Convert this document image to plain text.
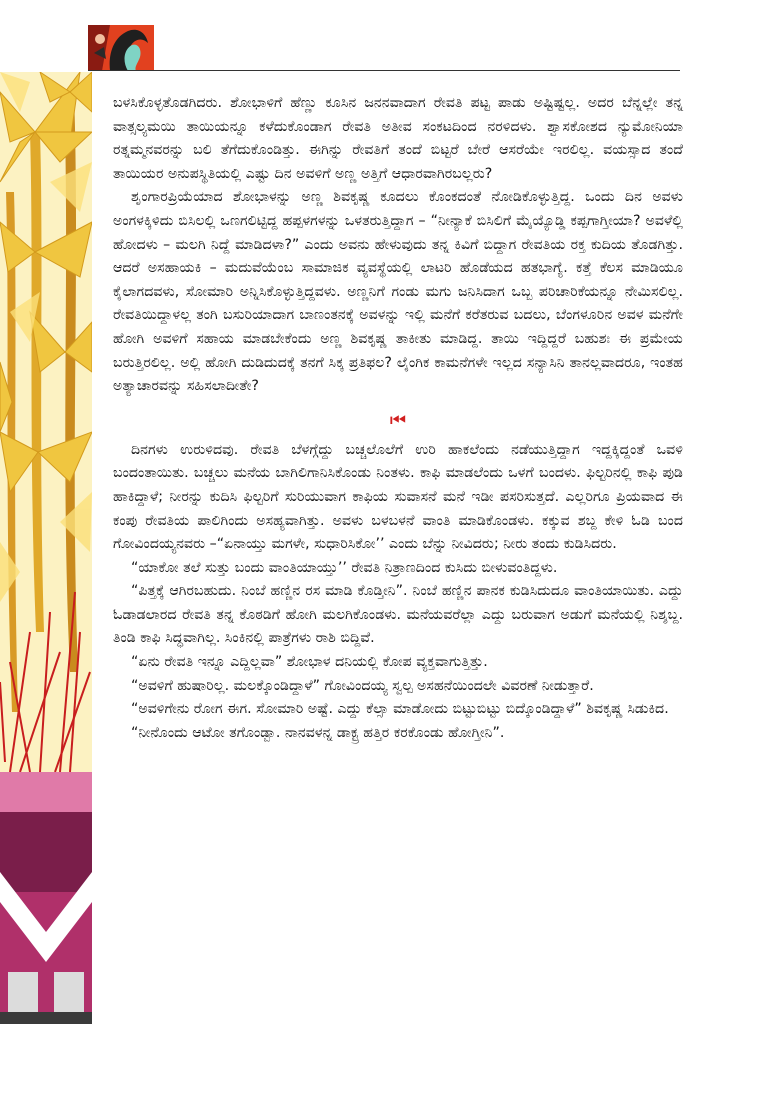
ಬಳಸಿಕೊಳ್ಳತೊಡಗಿದರು. ಶೋಭಾಳಿಗೆ ಹೆಣ್ಣು ಕೂಸಿನ ಜನನವಾದಾಗ ರೇವತಿ ಪಟ್ಟ ಪಾಡು ಅಷ್ಟಿಷ್ಟಲ್ಲ. ಅದರ ಬೆನ್ನಲ್ಲೇ ತನ್ನ ವಾತ್ಸಲ್ಯಮಯಿ ತಾಯಿಯನ್ನೂ ಕಳೆದುಕೊಂಡಾಗ ರೇವತಿ ಅತೀವ ಸಂಕಟದಿಂದ ನರಳಿದಳು. ಶ್ವಾಸಕೋಶದ ನ್ಯುಮೋನಿಯಾ ರತ್ನಮ್ಮನವರನ್ನು ಬಲಿ ತೆಗೆದುಕೊಂಡಿತ್ತು. ಈಗಿನ್ನು ರೇವತಿಗೆ ತಂದೆ ಬಿಟ್ಟರೆ ಬೇರೆ ಆಸರೆಯೇ ಇರಲಿಲ್ಲ. ವಯಸ್ಸಾದ ತಂದೆ ತಾಯಿಯರ ಅನುಪಸ್ಥಿತಿಯಲ್ಲಿ ಎಷ್ಟು ದಿನ ಅವಳಿಗೆ ಅಣ್ಣ ಅತ್ತಿಗೆ ಆಧಾರವಾಗಿರಬಲ್ಲರು?

ಶೃಂಗಾರಪ್ರಿಯೆಯಾದ ಶೋಭಾಳನ್ನು ಅಣ್ಣ ಶಿವಕೃಷ್ಣ ಕೂದಲು ಕೊಂಕದಂತೆ ನೋಡಿಕೊಳ್ಳುತ್ತಿದ್ದ. ಒಂದು ದಿನ ಅವಳು ಅಂಗಳಕ್ಕಿಳಿದು ಬಿಸಿಲಲ್ಲಿ ಒಣಗಲಿಟ್ಟಿದ್ದ ಹಪ್ಪಳಗಳನ್ನು ಒಳತರುತ್ತಿದ್ದಾಗ – “ನೀನ್ಯಾಕೆ ಬಿಸಿಲಿಗೆ ಮೈಯ್ಯೊಡ್ಡಿ ಕಪ್ಪಗಾಗ್ತೀಯಾ? ಅವಳೆಲ್ಲಿ ಹೋದಳು – ಮಲಗಿ ನಿದ್ದೆ ಮಾಡಿದಳಾ?” ಎಂದು ಅವನು ಹೇಳುವುದು ತನ್ನ ಕಿವಿಗೆ ಬಿದ್ದಾಗ ರೇವತಿಯ ರಕ್ತ ಕುದಿಯ ತೊಡಗಿತ್ತು. ಆದರೆ ಅಸಹಾಯಕಿ – ಮದುವೆಯೆಂಬ ಸಾಮಾಜಿಕ ವ್ಯವಸ್ಥೆಯಲ್ಲಿ ಲಾಟರಿ ಹೊಡೆಯದ ಹತಭಾಗ್ಯೆ. ಕತ್ತೆ ಕೆಲಸ ಮಾಡಿಯೂ ಕೈಲಾಗದವಳು, ಸೋಮಾರಿ ಅನ್ನಿಸಿಕೊಳ್ಳುತ್ತಿದ್ದವಳು. ಅಣ್ಣನಿಗೆ ಗಂಡು ಮಗು ಜನಿಸಿದಾಗ ಒಬ್ಬ ಪರಿಚಾರಿಕೆಯನ್ನೂ ನೇಮಿಸಲಿಲ್ಲ. ರೇವತಿಯಿದ್ದಾಳಲ್ಲ ತಂಗಿ ಬಸುರಿಯಾದಾಗ ಬಾಣಂತನಕ್ಕೆ ಅವಳನ್ನು ಇಲ್ಲಿ ಮನೆಗೆ ಕರೆತರುವ ಬದಲು, ಬೆಂಗಳೂರಿನ ಅವಳ ಮನೆಗೇ ಹೋಗಿ ಅವಳಿಗೆ ಸಹಾಯ ಮಾಡಬೇಕೆಂದು ಅಣ್ಣ ಶಿವಕೃಷ್ಣ ತಾಕೀತು ಮಾಡಿದ್ದ. ತಾಯಿ ಇದ್ದಿದ್ದರೆ ಬಹುಶಃ ಈ ಪ್ರಮೇಯ ಬರುತ್ತಿರಲಿಲ್ಲ. ಅಲ್ಲಿ ಹೋಗಿ ದುಡಿದುದಕ್ಕೆ ತನಗೆ ಸಿಕ್ಕ ಪ್ರತಿಫಲ? ಲೈಂಗಿಕ ಕಾಮನೆಗಳೇ ಇಲ್ಲದ ಸನ್ಯಾಸಿನಿ ತಾನಲ್ಲವಾದರೂ, ಇಂತಹ ಅತ್ಯಾಚಾರವನ್ನು ಸಹಿಸಲಾದೀತೇ?

⏮

ದಿನಗಳು ಉರುಳಿದವು. ರೇವತಿ ಬೆಳಗ್ಗೆದ್ದು ಬಚ್ಚಲೊಲೆಗೆ ಉರಿ ಹಾಕಲೆಂದು ನಡೆಯುತ್ತಿದ್ದಾಗ ಇದ್ದಕ್ಕಿದ್ದಂತೆ ಒವಳಿ ಬಂದಂತಾಯಿತು. ಬಚ್ಚಲು ಮನೆಯ ಬಾಗಿಲಿಗಾನಿಸಿಕೊಂಡು ನಿಂತಳು. ಕಾಫಿ ಮಾಡಲೆಂದು ಒಳಗೆ ಬಂದಳು. ಫಿಲ್ಟರಿನಲ್ಲಿ ಕಾಫಿ ಪುಡಿ ಹಾಕಿದ್ದಾಳೆ; ನೀರನ್ನು ಕುದಿಸಿ ಫಿಲ್ಟರಿಗೆ ಸುರಿಯುವಾಗ ಕಾಫಿಯ ಸುವಾಸನೆ ಮನೆ ಇಡೀ ಪಸರಿಸುತ್ತದೆ. ಎಲ್ಲರಿಗೂ ಪ್ರಿಯವಾದ ಈ ಕಂಪು ರೇವತಿಯ ಪಾಲಿಗಿಂದು ಅಸಹ್ಯವಾಗಿತ್ತು. ಅವಳು ಬಳಬಳನೆ ವಾಂತಿ ಮಾಡಿಕೊಂಡಳು. ಕಕ್ಕುವ ಶಬ್ದ ಕೇಳಿ ಓಡಿ ಬಂದ ಗೋವಿಂದಯ್ಯನವರು –“ಏನಾಯ್ತು ಮಗಳೇ, ಸುಧಾರಿಸಿಕೋ’’ ಎಂದು ಬೆನ್ನು ನೀವಿದರು; ನೀರು ತಂದು ಕುಡಿಸಿದರು.

“ಯಾಕೋ ತಲೆ ಸುತ್ತು ಬಂದು ವಾಂತಿಯಾಯ್ತು’’ ರೇವತಿ ನಿತ್ರಾಣದಿಂದ ಕುಸಿದು ಬೀಳುವಂತಿದ್ದಳು.

“ಪಿತ್ತಕ್ಕೆ ಆಗಿರಬಹುದು. ನಿಂಬೆ ಹಣ್ಣಿನ ರಸ ಮಾಡಿ ಕೊಡ್ತೀನಿ”. ನಿಂಬೆ ಹಣ್ಣಿನ ಪಾನಕ ಕುಡಿಸಿದುದೂ ವಾಂತಿಯಾಯಿತು. ಎದ್ದು ಓಡಾಡಲಾರದ ರೇವತಿ ತನ್ನ ಕೊಠಡಿಗೆ ಹೋಗಿ ಮಲಗಿಕೊಂಡಳು. ಮನೆಯವರೆಲ್ಲಾ ಎದ್ದು ಬರುವಾಗ ಅಡುಗೆ ಮನೆಯಲ್ಲಿ ನಿಶ್ಶಬ್ದ. ತಿಂಡಿ ಕಾಫಿ ಸಿದ್ಧವಾಗಿಲ್ಲ. ಸಿಂಕಿನಲ್ಲಿ ಪಾತ್ರೆಗಳು ರಾಶಿ ಬಿದ್ದಿವೆ.

“ಏನು ರೇವತಿ ಇನ್ನೂ ಎದ್ದಿಲ್ಲವಾ” ಶೋಭಾಳ ದನಿಯಲ್ಲಿ ಕೋಪ ವ್ಯಕ್ತವಾಗುತ್ತಿತ್ತು.

“ಅವಳಿಗೆ ಹುಷಾರಿಲ್ಲ. ಮಲಕ್ಕೊಂಡಿದ್ದಾಳೆ” ಗೋವಿಂದಯ್ಯ ಸ್ವಲ್ಪ ಅಸಹನೆಯಿಂದಲೇ ವಿವರಣೆ ನೀಡುತ್ತಾರೆ.

“ಅವಳಿಗೇನು ರೋಗ ಈಗ. ಸೋಮಾರಿ ಅಷ್ಟೆ. ಎದ್ದು ಕೆಲ್ಸಾ ಮಾಡೋದು ಬಿಟ್ಟುಬಿಟ್ಟು ಬಿದ್ಕೊಂಡಿದ್ದಾಳೆ” ಶಿವಕೃಷ್ಣ ಸಿಡುಕಿದ.

“ನೀನೊಂದು ಆಟೋ ತಗೊಂಡ್ಬಾ. ನಾನವಳನ್ನ ಡಾಕ್ಟ್ರ ಹತ್ತಿರ ಕರಕೊಂಡು ಹೋಗ್ತೀನಿ”.
